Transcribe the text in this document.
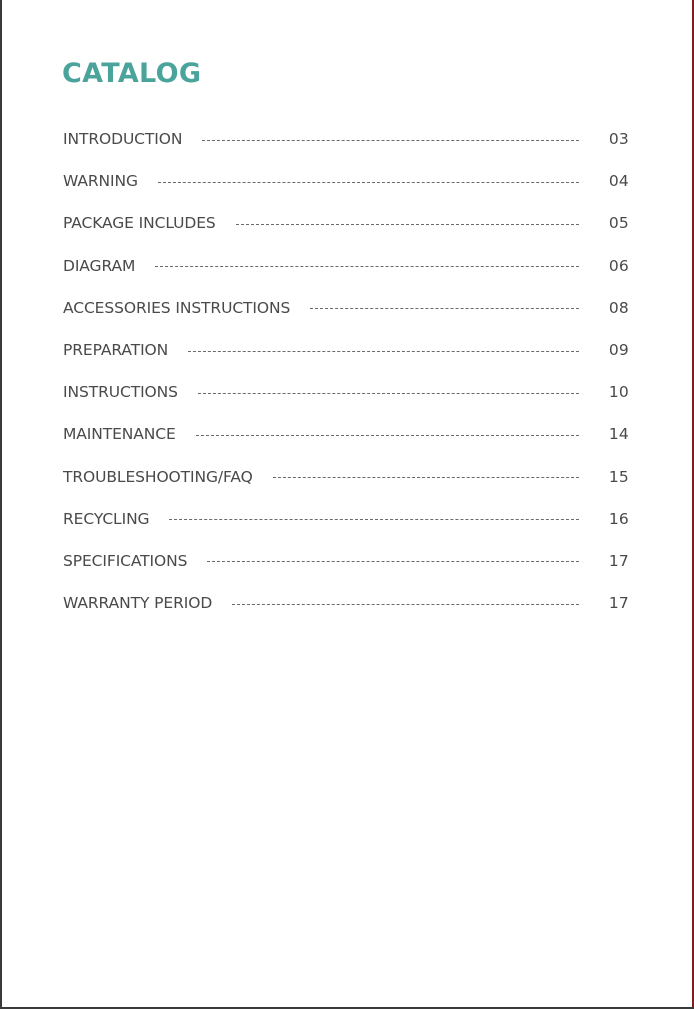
CATALOG
INTRODUCTION	03
WARNING	04
PACKAGE INCLUDES	05
DIAGRAM	06
ACCESSORIES INSTRUCTIONS	08
PREPARATION	09
INSTRUCTIONS	10
MAINTENANCE	14
TROUBLESHOOTING/FAQ	15
RECYCLING	16
SPECIFICATIONS	17
WARRANTY PERIOD	17
